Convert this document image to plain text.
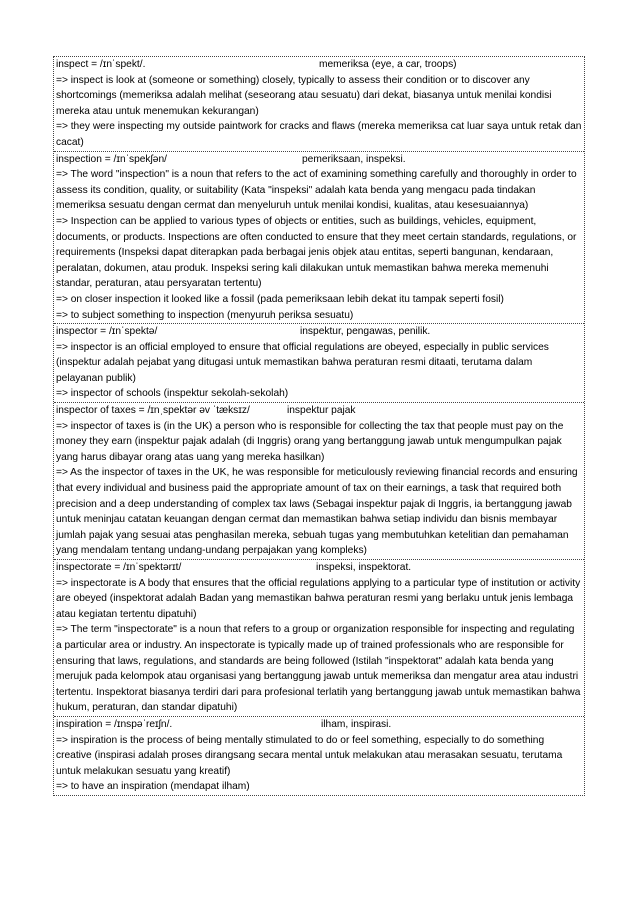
inspect = /ɪnˈspekt/.	memeriksa (eye, a car, troops)
=> inspect is look at (someone or something) closely, typically to assess their condition or to discover any shortcomings (memeriksa adalah melihat (seseorang atau sesuatu) dari dekat, biasanya untuk menilai kondisi mereka atau untuk menemukan kekurangan)
=> they were inspecting my outside paintwork for cracks and flaws (mereka memeriksa cat luar saya untuk retak dan cacat)
inspection = /ɪnˈspekʃən/	pemeriksaan, inspeksi.
=> The word "inspection" is a noun that refers to the act of examining something carefully and thoroughly in order to assess its condition, quality, or suitability (Kata "inspeksi" adalah kata benda yang mengacu pada tindakan memeriksa sesuatu dengan cermat dan menyeluruh untuk menilai kondisi, kualitas, atau kesesuaiannya)
=> Inspection can be applied to various types of objects or entities, such as buildings, vehicles, equipment, documents, or products. Inspections are often conducted to ensure that they meet certain standards, regulations, or requirements (Inspeksi dapat diterapkan pada berbagai jenis objek atau entitas, seperti bangunan, kendaraan, peralatan, dokumen, atau produk. Inspeksi sering kali dilakukan untuk memastikan bahwa mereka memenuhi standar, peraturan, atau persyaratan tertentu)
=> on closer inspection it looked like a fossil (pada pemeriksaan lebih dekat itu tampak seperti fosil)
=> to subject something to inspection (menyuruh periksa sesuatu)
inspector = /ɪnˈspektə/	inspektur, pengawas, penilik.
=> inspector is an official employed to ensure that official regulations are obeyed, especially in public services (inspektur adalah pejabat yang ditugasi untuk memastikan bahwa peraturan resmi ditaati, terutama dalam pelayanan publik)
=> inspector of schools (inspektur sekolah-sekolah)
inspector of taxes = /ɪnˌspektər əv ˈtæksɪz/	inspektur pajak
=> inspector of taxes is (in the UK) a person who is responsible for collecting the tax that people must pay on the money they earn (inspektur pajak adalah (di Inggris) orang yang bertanggung jawab untuk mengumpulkan pajak yang harus dibayar orang atas uang yang mereka hasilkan)
=> As the inspector of taxes in the UK, he was responsible for meticulously reviewing financial records and ensuring that every individual and business paid the appropriate amount of tax on their earnings, a task that required both precision and a deep understanding of complex tax laws (Sebagai inspektur pajak di Inggris, ia bertanggung jawab untuk meninjau catatan keuangan dengan cermat dan memastikan bahwa setiap individu dan bisnis membayar jumlah pajak yang sesuai atas penghasilan mereka, sebuah tugas yang membutuhkan ketelitian dan pemahaman yang mendalam tentang undang-undang perpajakan yang kompleks)
inspectorate = /ɪnˈspektərɪt/	inspeksi, inspektorat.
=> inspectorate is A body that ensures that the official regulations applying to a particular type of institution or activity are obeyed (inspektorat adalah Badan yang memastikan bahwa peraturan resmi yang berlaku untuk jenis lembaga atau kegiatan tertentu dipatuhi)
=> The term "inspectorate" is a noun that refers to a group or organization responsible for inspecting and regulating a particular area or industry. An inspectorate is typically made up of trained professionals who are responsible for ensuring that laws, regulations, and standards are being followed (Istilah "inspektorat" adalah kata benda yang merujuk pada kelompok atau organisasi yang bertanggung jawab untuk memeriksa dan mengatur area atau industri tertentu. Inspektorat biasanya terdiri dari para profesional terlatih yang bertanggung jawab untuk memastikan bahwa hukum, peraturan, dan standar dipatuhi)
inspiration = /ɪnspəˈreɪʃn/.	ilham, inspirasi.
=> inspiration is the process of being mentally stimulated to do or feel something, especially to do something creative (inspirasi adalah proses dirangsang secara mental untuk melakukan atau merasakan sesuatu, terutama untuk melakukan sesuatu yang kreatif)
=> to have an inspiration (mendapat ilham)
